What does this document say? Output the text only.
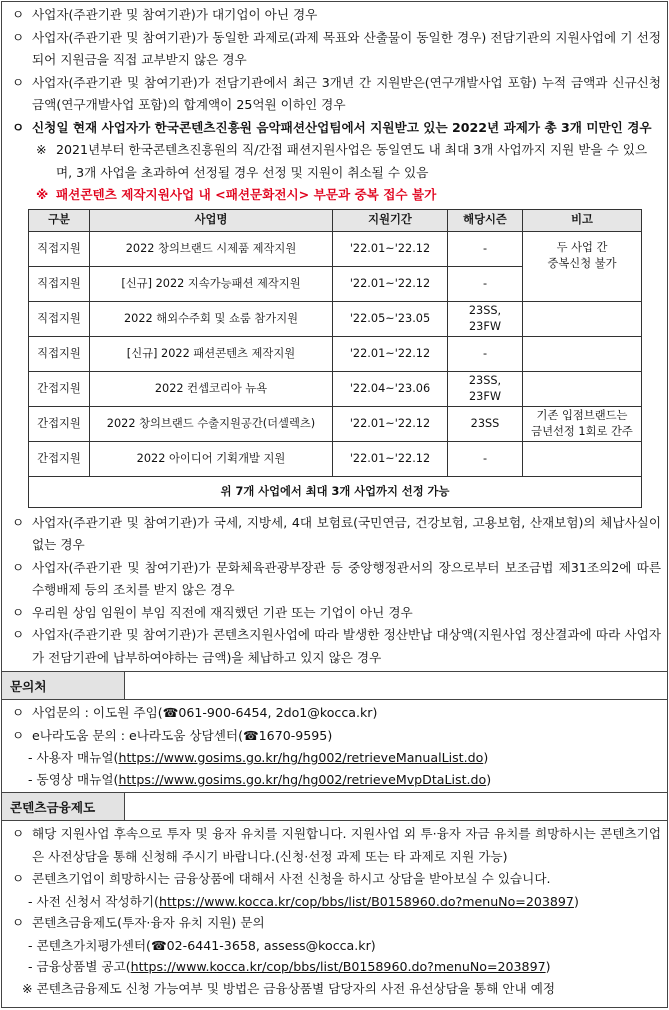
ㅇ 사업자(주관기관 및 참여기관)가 대기업이 아닌 경우
ㅇ 사업자(주관기관 및 참여기관)가 동일한 과제로(과제 목표와 산출물이 동일한 경우) 전담기관의 지원사업에 기 선정되어 지원금을 직접 교부받지 않은 경우
ㅇ 사업자(주관기관 및 참여기관)가 전담기관에서 최근 3개년 간 지원받은(연구개발사업 포함) 누적 금액과 신규신청금액(연구개발사업 포함)의 합계액이 25억원 이하인 경우
ㅇ 신청일 현재 사업자가 한국콘텐츠진흥원 음악패션산업팀에서 지원받고 있는 2022년 과제가 총 3개 미만인 경우
※ 2021년부터 한국콘텐츠진흥원의 직/간접 패션지원사업은 동일연도 내 최대 3개 사업까지 지원 받을 수 있으며, 3개 사업을 초과하여 선정될 경우 선정 및 지원이 취소될 수 있음
※ 패션콘텐츠 제작지원사업 내 <패션문화전시> 부문과 중복 접수 불가
구분	사업명	지원기간	해당시즌	비고
직접지원	2022 창의브랜드 시제품 제작지원	'22.01~'22.12	-	두 사업 간
중복신청 불가
직접지원	[신규] 2022 지속가능패션 제작지원	'22.01~'22.12	-	
직접지원	2022 해외수주회 및 쇼룸 참가지원	'22.05~'23.05	23SS,
23FW	
직접지원	[신규] 2022 패션콘텐츠 제작지원	'22.01~'22.12	-	
간접지원	2022 컨셉코리아 뉴욕	'22.04~'23.06	23SS,
23FW	
간접지원	2022 창의브랜드 수출지원공간(더셀렉츠)	'22.01~'22.12	23SS	기존 입점브랜드는
금년선정 1회로 간주
간접지원	2022 아이디어 기획개발 지원	'22.01~'22.12	-	
위 7개 사업에서 최대 3개 사업까지 선정 가능				
ㅇ 사업자(주관기관 및 참여기관)가 국세, 지방세, 4대 보험료(국민연금, 건강보험, 고용보험, 산재보험)의 체납사실이 없는 경우
ㅇ 사업자(주관기관 및 참여기관)가 문화체육관광부장관 등 중앙행정관서의 장으로부터 보조금법 제31조의2에 따른 수행배제 등의 조치를 받지 않은 경우
ㅇ 우리원 상임 임원이 부임 직전에 재직했던 기관 또는 기업이 아닌 경우
ㅇ 사업자(주관기관 및 참여기관)가 콘텐츠지원사업에 따라 발생한 정산반납 대상액(지원사업 정산결과에 따라 사업자가 전담기관에 납부하여야하는 금액)을 체납하고 있지 않은 경우
문의처
ㅇ 사업문의 : 이도원 주임(☎061-900-6454, 2do1@kocca.kr)
ㅇ e나라도움 문의 : e나라도움 상담센터(☎1670-9595)
- 사용자 매뉴얼(https://www.gosims.go.kr/hg/hg002/retrieveManualList.do)
- 동영상 매뉴얼(https://www.gosims.go.kr/hg/hg002/retrieveMvpDtaList.do)
콘텐츠금융제도
ㅇ 해당 지원사업 후속으로 투자 및 융자 유치를 지원합니다. 지원사업 외 투·융자 자금 유치를 희망하시는 콘텐츠기업은 사전상담을 통해 신청해 주시기 바랍니다.(신청·선정 과제 또는 타 과제로 지원 가능)
ㅇ 콘텐츠기업이 희망하시는 금융상품에 대해서 사전 신청을 하시고 상담을 받아보실 수 있습니다.
- 사전 신청서 작성하기(https://www.kocca.kr/cop/bbs/list/B0158960.do?menuNo=203897)
ㅇ 콘텐츠금융제도(투자·융자 유치 지원) 문의
- 콘텐츠가치평가센터(☎02-6441-3658, assess@kocca.kr)
- 금융상품별 공고(https://www.kocca.kr/cop/bbs/list/B0158960.do?menuNo=203897)
※ 콘텐츠금융제도 신청 가능여부 및 방법은 금융상품별 담당자의 사전 유선상담을 통해 안내 예정
